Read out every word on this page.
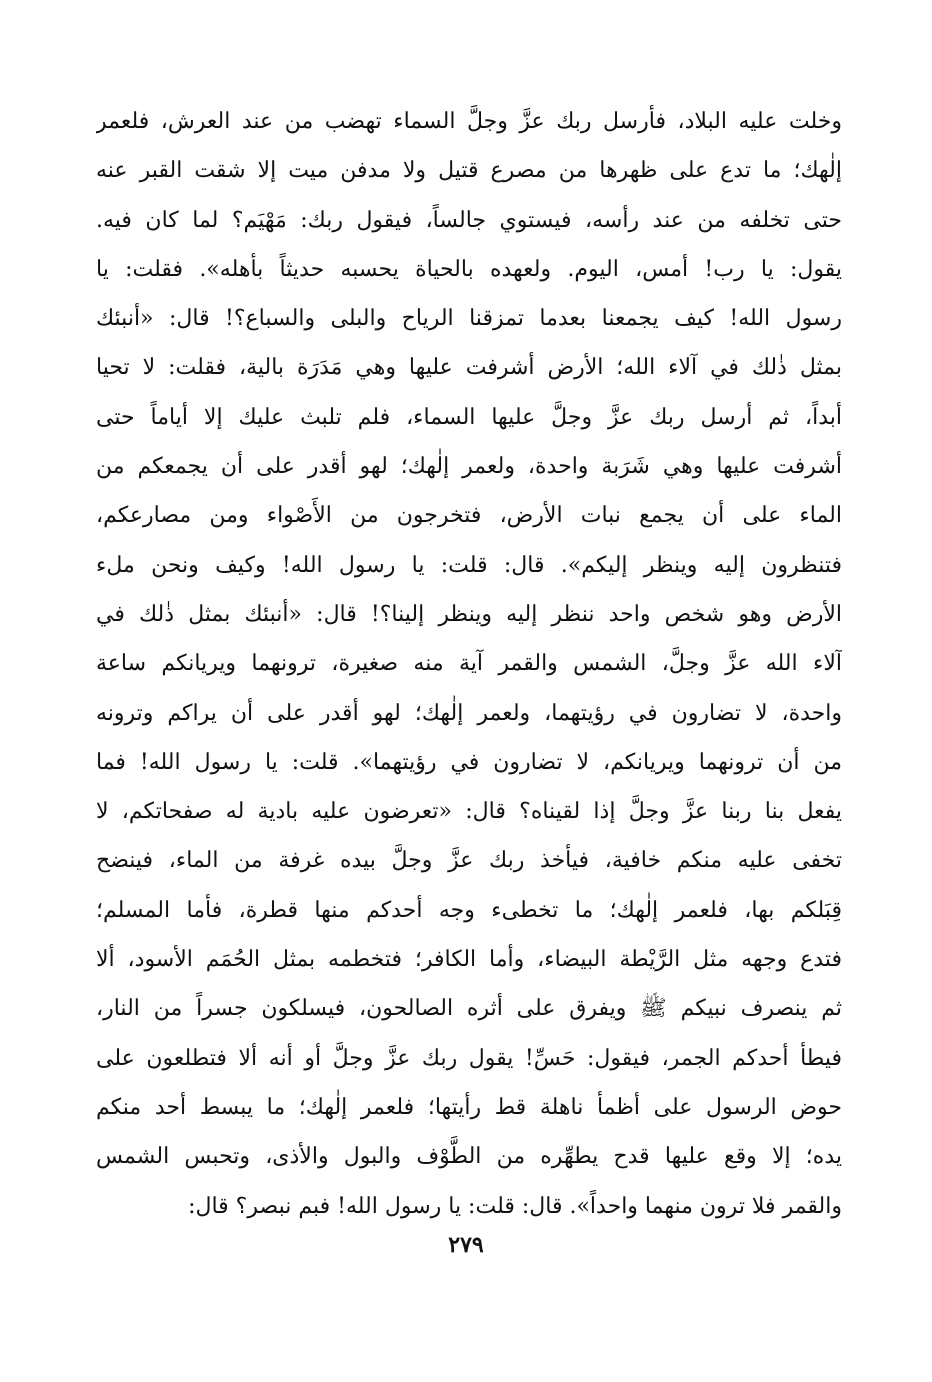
وخلت عليه البلاد، فأرسل ربك عزَّ وجلَّ السماء تهضب من عند العرش، فلعمر
إلٰهك؛ ما تدع على ظهرها من مصرع قتيل ولا مدفن ميت إلا شقت القبر عنه
حتى تخلفه من عند رأسه، فيستوي جالساً، فيقول ربك: مَهْيَم؟ لما كان فيه.
يقول: يا رب! أمس، اليوم. ولعهده بالحياة يحسبه حديثاً بأهله». فقلت: يا
رسول الله! كيف يجمعنا بعدما تمزقنا الرياح والبلى والسباع؟! قال: «أنبئك
بمثل ذٰلك في آلاء الله؛ الأرض أشرفت عليها وهي مَدَرَة بالية، فقلت: لا تحيا
أبداً، ثم أرسل ربك عزَّ وجلَّ عليها السماء، فلم تلبث عليك إلا أياماً حتى
أشرفت عليها وهي شَرَبة واحدة، ولعمر إلٰهك؛ لهو أقدر على أن يجمعكم من
الماء على أن يجمع نبات الأرض، فتخرجون من الأَصْواء ومن مصارعكم،
فتنظرون إليه وينظر إليكم». قال: قلت: يا رسول الله! وكيف ونحن ملء
الأرض وهو شخص واحد ننظر إليه وينظر إلينا؟! قال: «أنبئك بمثل ذٰلك في
آلاء الله عزَّ وجلَّ، الشمس والقمر آية منه صغيرة، ترونهما ويريانكم ساعة
واحدة، لا تضارون في رؤيتهما، ولعمر إلٰهك؛ لهو أقدر على أن يراكم وترونه
من أن ترونهما ويريانكم، لا تضارون في رؤيتهما». قلت: يا رسول الله! فما
يفعل بنا ربنا عزَّ وجلَّ إذا لقيناه؟ قال: «تعرضون عليه بادية له صفحاتكم، لا
تخفى عليه منكم خافية، فيأخذ ربك عزَّ وجلَّ بيده غرفة من الماء، فينضح
قِبَلكم بها، فلعمر إلٰهك؛ ما تخطىء وجه أحدكم منها قطرة، فأما المسلم؛
فتدع وجهه مثل الرَّيْطة البيضاء، وأما الكافر؛ فتخطمه بمثل الحُمَم الأسود، ألا
ثم ينصرف نبيكم ﷺ ويفرق على أثره الصالحون، فيسلكون جسراً من النار،
فيطأ أحدكم الجمر، فيقول: حَسِّ! يقول ربك عزَّ وجلَّ أو أنه ألا فتطلعون على
حوض الرسول على أظمأ ناهلة قط رأيتها؛ فلعمر إلٰهك؛ ما يبسط أحد منكم
يده؛ إلا وقع عليها قدح يطهِّره من الطَّوْف والبول والأذى، وتحبس الشمس
والقمر فلا ترون منهما واحداً». قال: قلت: يا رسول الله! فبم نبصر؟ قال:
٢٧٩
